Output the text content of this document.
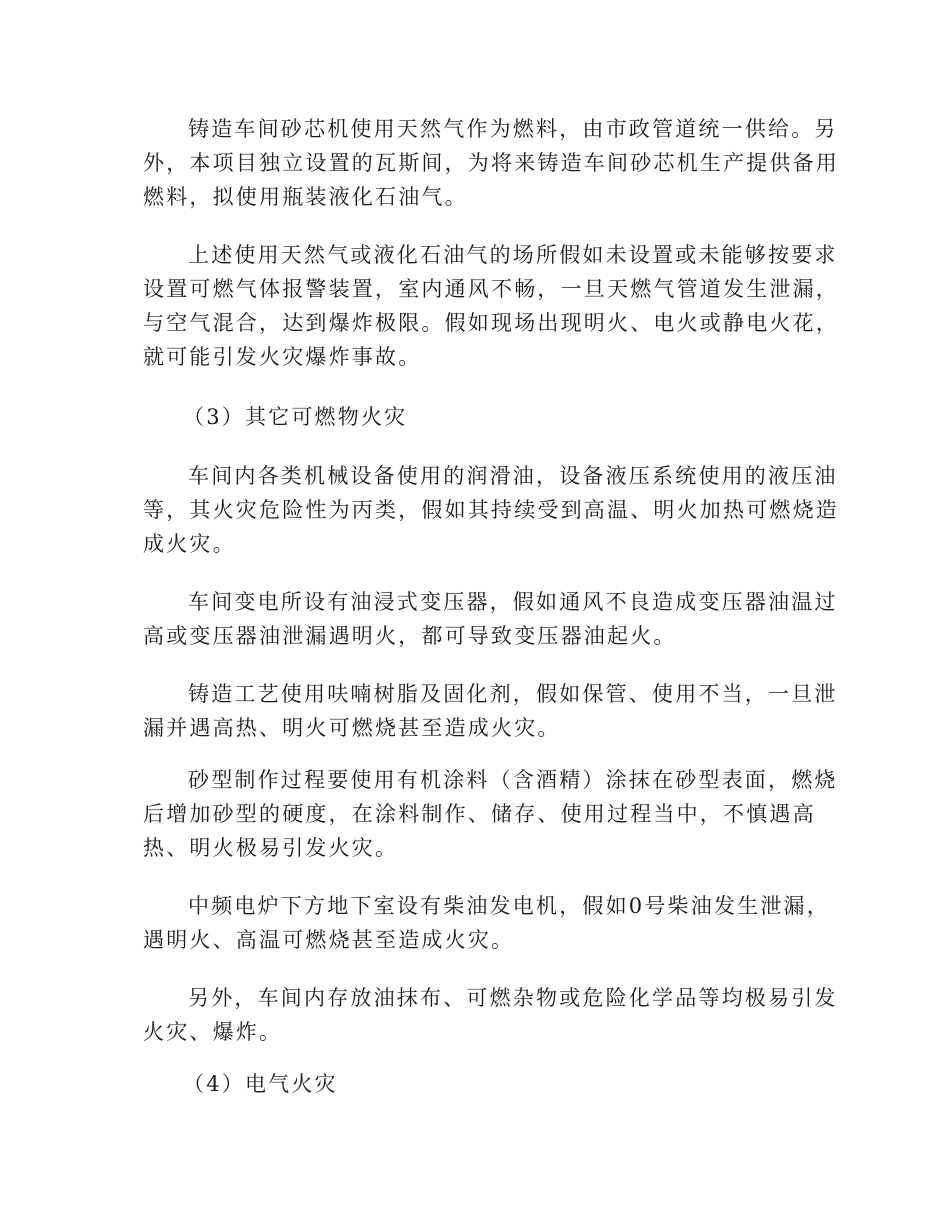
铸造车间砂芯机使用天然气作为燃料，由市政管道统一供给。另

外，本项目独立设置的瓦斯间，为将来铸造车间砂芯机生产提供备用

燃料，拟使用瓶装液化石油气。

上述使用天然气或液化石油气的场所假如未设置或未能够按要求

设置可燃气体报警装置，室内通风不畅，一旦天燃气管道发生泄漏，

与空气混合，达到爆炸极限。假如现场出现明火、电火或静电火花，

就可能引发火灾爆炸事故。

（3）其它可燃物火灾

车间内各类机械设备使用的润滑油，设备液压系统使用的液压油

等，其火灾危险性为丙类，假如其持续受到高温、明火加热可燃烧造

成火灾。

车间变电所设有油浸式变压器，假如通风不良造成变压器油温过

高或变压器油泄漏遇明火，都可导致变压器油起火。

铸造工艺使用呋喃树脂及固化剂，假如保管、使用不当，一旦泄

漏并遇高热、明火可燃烧甚至造成火灾。

砂型制作过程要使用有机涂料（含酒精）涂抹在砂型表面，燃烧

后增加砂型的硬度，在涂料制作、储存、使用过程当中，不慎遇高

热、明火极易引发火灾。

中频电炉下方地下室设有柴油发电机，假如0号柴油发生泄漏，

遇明火、高温可燃烧甚至造成火灾。

另外，车间内存放油抹布、可燃杂物或危险化学品等均极易引发

火灾、爆炸。

（4）电气火灾
